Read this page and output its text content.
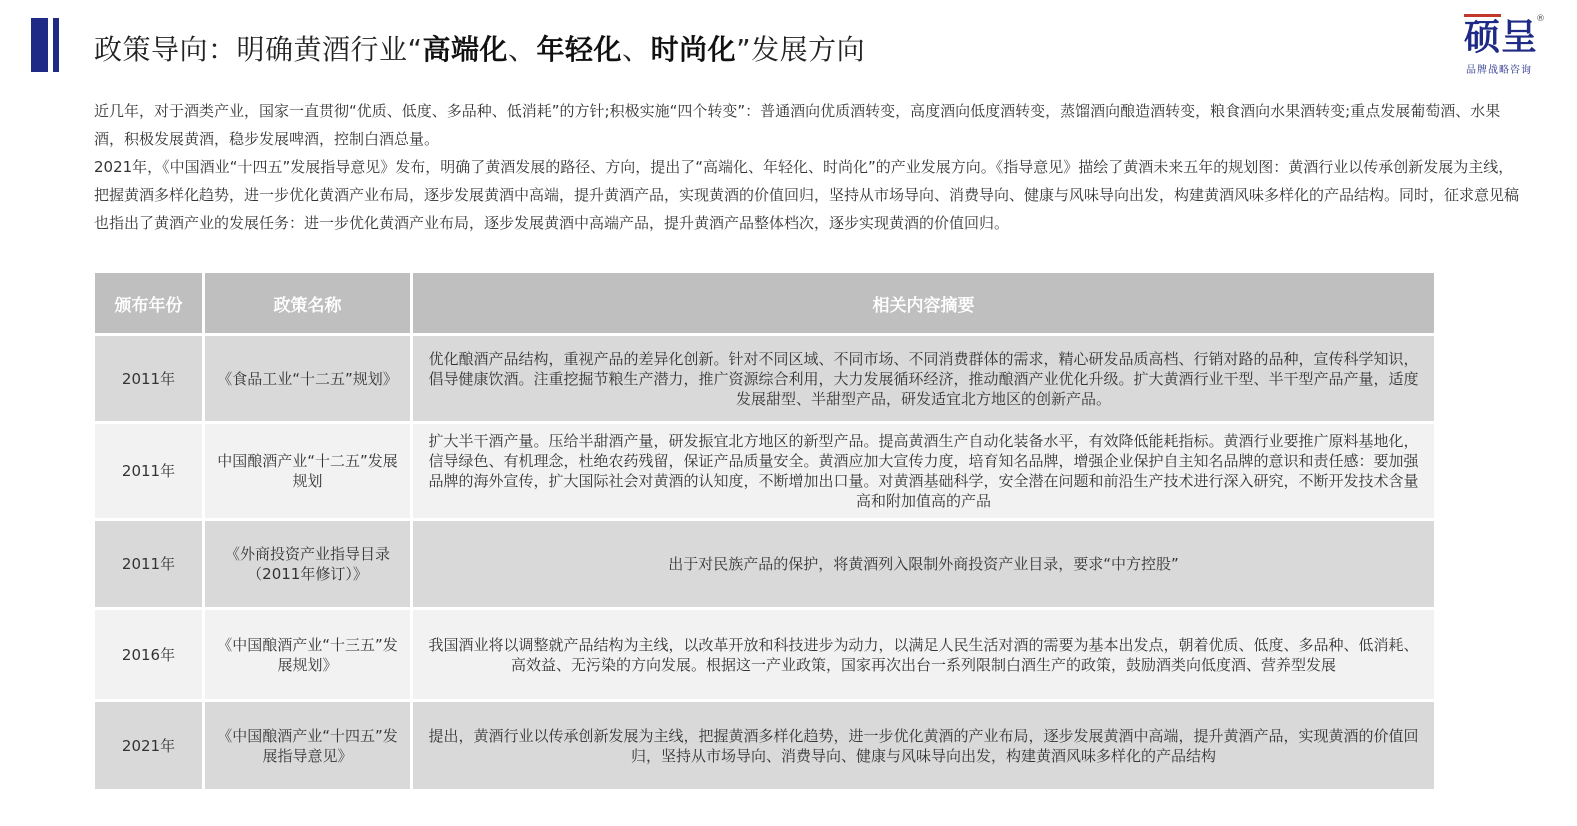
政策导向：明确黄酒行业“高端化、年轻化、时尚化”发展方向	硕呈
®
品牌战略咨询

近几年，对于酒类产业，国家一直贯彻“优质、低度、多品种、低消耗”的方针;积极实施“四个转变”：普通酒向优质酒转变，高度酒向低度酒转变，蒸馏酒向酿造酒转变，粮食酒向水果酒转变;重点发展葡萄酒、水果酒，积极发展黄酒，稳步发展啤酒，控制白酒总量。

2021年，《中国酒业“十四五”发展指导意见》发布，明确了黄酒发展的路径、方向，提出了“高端化、年轻化、时尚化”的产业发展方向。《指导意见》描绘了黄酒未来五年的规划图：黄酒行业以传承创新发展为主线，把握黄酒多样化趋势，进一步优化黄酒产业布局，逐步发展黄酒中高端，提升黄酒产品，实现黄酒的价值回归，坚持从市场导向、消费导向、健康与风味导向出发，构建黄酒风味多样化的产品结构。同时，征求意见稿也指出了黄酒产业的发展任务：进一步优化黄酒产业布局，逐步发展黄酒中高端产品，提升黄酒产品整体档次，逐步实现黄酒的价值回归。

颁布年份	政策名称	相关内容摘要
2011年	《食品工业“十二五”规划》	优化酿酒产品结构，重视产品的差异化创新。针对不同区域、不同市场、不同消费群体的需求，精心研发品质高档、行销对路的品种，宣传科学知识，倡导健康饮酒。注重挖掘节粮生产潜力，推广资源综合利用，大力发展循环经济，推动酿酒产业优化升级。扩大黄酒行业干型、半干型产品产量，适度发展甜型、半甜型产品，研发适宜北方地区的创新产品。
2011年	中国酿酒产业“十二五”发展规划	扩大半干酒产量。压给半甜酒产量，研发振宜北方地区的新型产品。提高黄酒生产自动化装备水平，有效降低能耗指标。黄酒行业要推广原料基地化，信导绿色、有机理念，杜绝农药残留，保证产品质量安全。黄酒应加大宣传力度，培育知名品牌，增强企业保护自主知名品牌的意识和责任感：要加强品牌的海外宣传，扩大国际社会对黄酒的认知度，不断增加出口量。对黄酒基础科学，安全潜在问题和前沿生产技术进行深入研究，不断开发技术含量高和附加值高的产品
2011年	《外商投资产业指导目录（2011年修订）》	出于对民族产品的保护，将黄酒列入限制外商投资产业目录，要求“中方控股”
2016年	《中国酿酒产业“十三五”发展规划》	我国酒业将以调整就产品结构为主线，以改革开放和科技进步为动力，以满足人民生活对酒的需要为基本出发点，朝着优质、低度、多品种、低消耗、高效益、无污染的方向发展。根据这一产业政策，国家再次出台一系列限制白酒生产的政策，鼓励酒类向低度酒、营养型发展
2021年	《中国酿酒产业“十四五”发展指导意见》	提出，黄酒行业以传承创新发展为主线，把握黄酒多样化趋势，进一步优化黄酒的产业布局，逐步发展黄酒中高端，提升黄酒产品，实现黄酒的价值回归，坚持从市场导向、消费导向、健康与风味导向出发，构建黄酒风味多样化的产品结构
